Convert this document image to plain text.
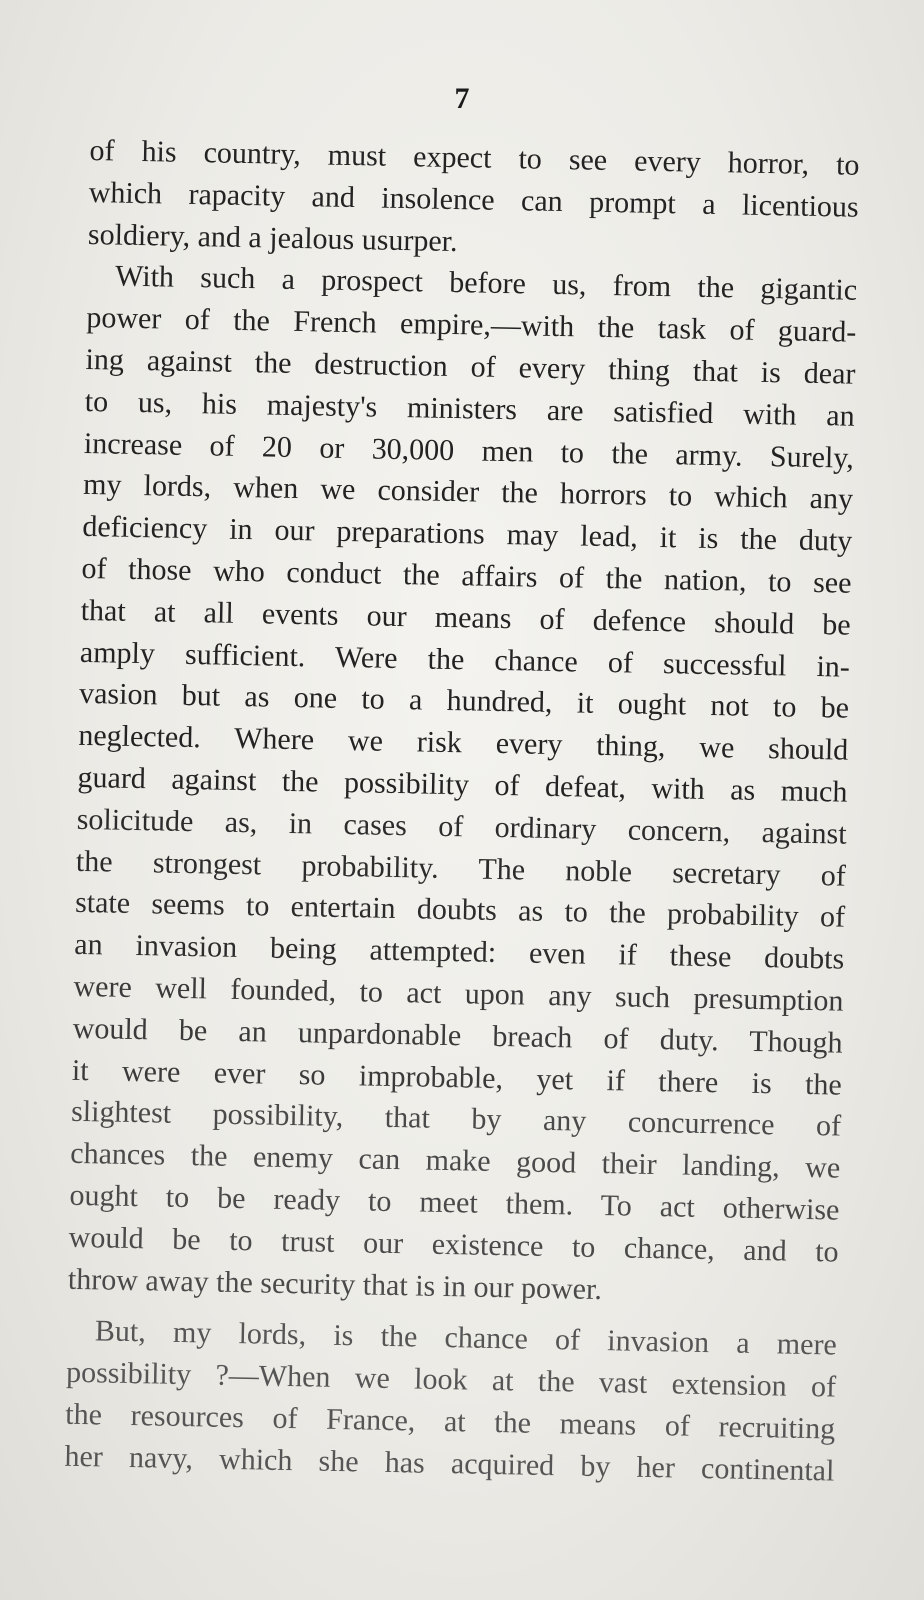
7
of his country, must expect to see every horror, to
which rapacity and insolence can prompt a licentious
soldiery, and a jealous usurper.
With such a prospect before us, from the gigantic
power of the French empire,—with the task of guard-
ing against the destruction of every thing that is dear
to us, his majesty's ministers are satisfied with an
increase of 20 or 30,000 men to the army. Surely,
my lords, when we consider the horrors to which any
deficiency in our preparations may lead, it is the duty
of those who conduct the affairs of the nation, to see
that at all events our means of defence should be
amply sufficient. Were the chance of successful in-
vasion but as one to a hundred, it ought not to be
neglected. Where we risk every thing, we should
guard against the possibility of defeat, with as much
solicitude as, in cases of ordinary concern, against
the strongest probability. The noble secretary of
state seems to entertain doubts as to the probability of
an invasion being attempted: even if these doubts
were well founded, to act upon any such presumption
would be an unpardonable breach of duty. Though
it were ever so improbable, yet if there is the
slightest possibility, that by any concurrence of
chances the enemy can make good their landing, we
ought to be ready to meet them. To act otherwise
would be to trust our existence to chance, and to
throw away the security that is in our power.
But, my lords, is the chance of invasion a mere
possibility ?—When we look at the vast extension of
the resources of France, at the means of recruiting
her navy, which she has acquired by her continental
